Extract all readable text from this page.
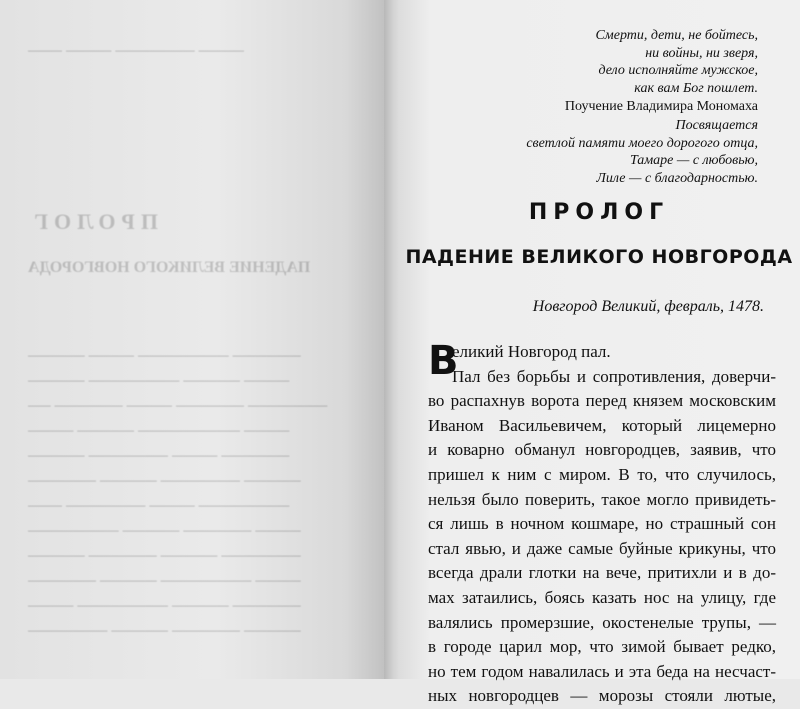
──── ─────── ──── ───
ПРОЛОГ
ПАДЕНИЕ ВЕЛИКОГО НОВГОРОДА
────── ──────── ──── ─────
──── ───── ──────── ─────
─────── ────── ──── ────── ──
──── ───────── ───── ────
────── ──── ─────── ─────
───── ─────── ───── ──────
──────── ──── ─────── ───
──── ────── ───── ────────
─────── ───── ────── ─────
──── ──────── ───── ──────
────── ───── ──────── ────
───── ────── ───── ───────
Смерти, дети, не бойтесь,
ни войны, ни зверя,
дело исполняйте мужское,
как вам Бог пошлет.
Поучение Владимира Мономаха
Посвящается
светлой памяти моего дорогого отца,
Тамаре — с любовью,
Лиле — с благодарностью.
ПРОЛОГ
ПАДЕНИЕ ВЕЛИКОГО НОВГОРОДА
Новгород Великий, февраль, 1478.
В
еликий Новгород пал.
Пал без борьбы и сопротивления, доверчи-
во распахнув ворота перед князем московским
Иваном Васильевичем, который лицемерно
и коварно обманул новгородцев, заявив, что
пришел к ним с миром. В то, что случилось,
нельзя было поверить, такое могло привидеть-
ся лишь в ночном кошмаре, но страшный сон
стал явью, и даже самые буйные крикуны, что
всегда драли глотки на вече, притихли и в до-
мах затаились, боясь казать нос на улицу, где
валялись промерзшие, окостенелые трупы, —
в городе царил мор, что зимой бывает редко,
но тем годом навалилась и эта беда на несчаст-
ных новгородцев — морозы стояли лютые,
